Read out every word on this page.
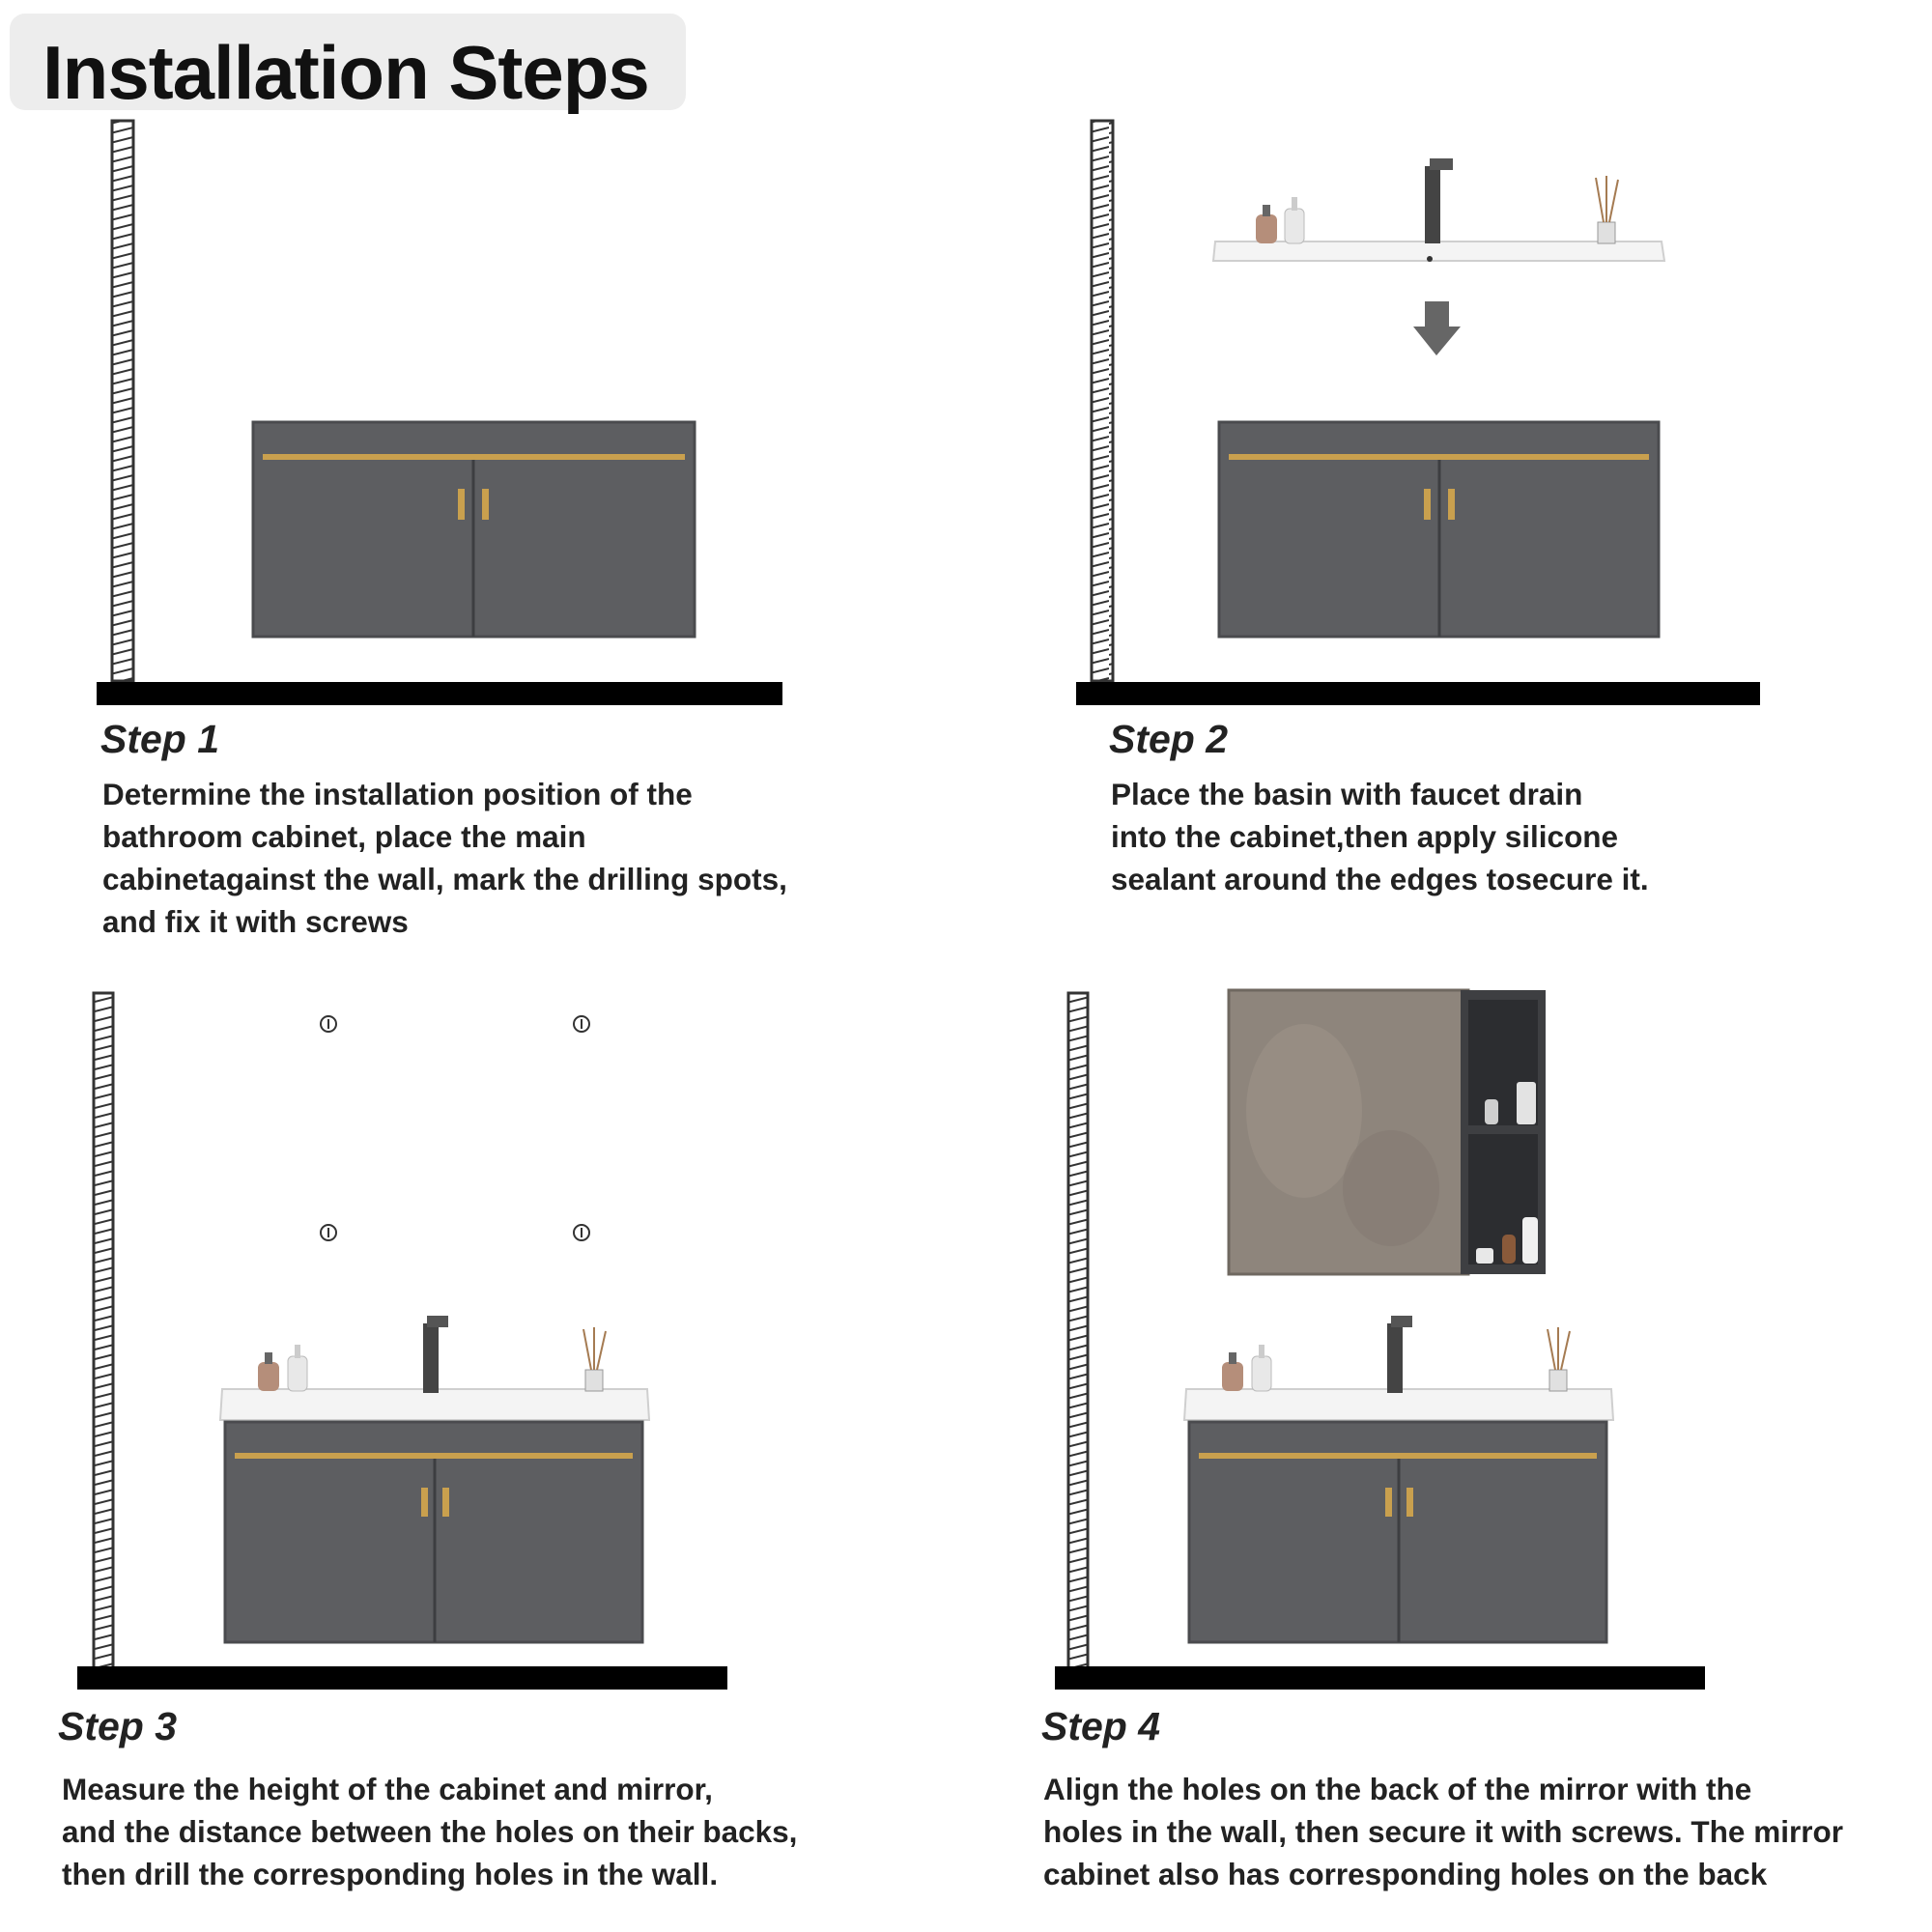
Installation Steps
Step 1
Determine the installation position of the
bathroom cabinet, place the main
cabinetagainst the wall, mark the drilling spots,
and fix it with screws
Step 2
Place the basin with faucet drain
into the cabinet,then apply silicone
sealant around the edges tosecure it.
Step 3
Measure the height of the cabinet and mirror,
and the distance between the holes on their backs,
then drill the corresponding holes in the wall.
Step 4
Align the holes on the back of the mirror with the
holes in the wall, then secure it with screws. The mirror
cabinet also has corresponding holes on the back
